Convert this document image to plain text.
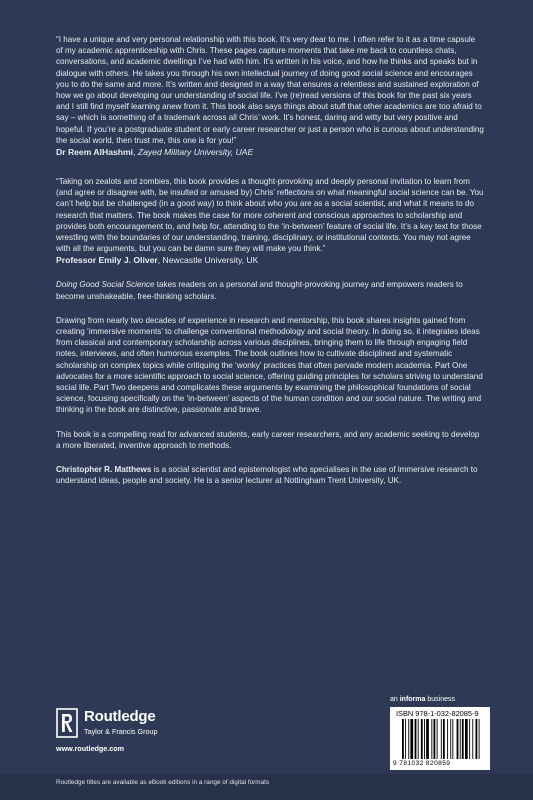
“I have a unique and very personal relationship with this book. It’s very dear to me. I often refer to it as a time capsule of my academic apprenticeship with Chris. These pages capture moments that take me back to countless chats, conversations, and academic dwellings I’ve had with him. It’s written in his voice, and how he thinks and speaks but in dialogue with others. He takes you through his own intellectual journey of doing good social science and encourages you to do the same and more. It’s written and designed in a way that ensures a relentless and sustained exploration of how we go about developing our understanding of social life. I’ve (re)read versions of this book for the past six years and I still find myself learning anew from it. This book also says things about stuff that other academics are too afraid to say – which is something of a trademark across all Chris’ work. It’s honest, daring and witty but very positive and hopeful. If you’re a postgraduate student or early career researcher or just a person who is curious about understanding the social world, then trust me, this one is for you!”

Dr Reem AlHashmi, Zayed Military University, UAE

“Taking on zealots and zombies, this book provides a thought-provoking and deeply personal invitation to learn from (and agree or disagree with, be insulted or amused by) Chris’ reflections on what meaningful social science can be. You can’t help but be challenged (in a good way) to think about who you are as a social scientist, and what it means to do research that matters. The book makes the case for more coherent and conscious approaches to scholarship and provides both encouragement to, and help for, attending to the ‘in-between’ feature of social life. It’s a key text for those wrestling with the boundaries of our understanding, training, disciplinary, or institutional contexts. You may not agree with all the arguments, but you can be damn sure they will make you think.”

Professor Emily J. Oliver, Newcastle University, UK

Doing Good Social Science takes readers on a personal and thought-provoking journey and empowers readers to become unshakeable, free-thinking scholars.

Drawing from nearly two decades of experience in research and mentorship, this book shares insights gained from creating ‘immersive moments’ to challenge conventional methodology and social theory. In doing so, it integrates ideas from classical and contemporary scholarship across various disciplines, bringing them to life through engaging field notes, interviews, and often humorous examples. The book outlines how to cultivate disciplined and systematic scholarship on complex topics while critiquing the ‘wonky’ practices that often pervade modern academia. Part One advocates for a more scientific approach to social science, offering guiding principles for scholars striving to understand social life. Part Two deepens and complicates these arguments by examining the philosophical foundations of social science, focusing specifically on the ‘in-between’ aspects of the human condition and our social nature. The writing and thinking in the book are distinctive, passionate and brave.

This book is a compelling read for advanced students, early career researchers, and any academic seeking to develop a more liberated, inventive approach to methods.

Christopher R. Matthews is a social scientist and epistemologist who specialises in the use of immersive research to understand ideas, people and society. He is a senior lecturer at Nottingham Trent University, UK.

Routledge
Taylor & Francis Group
www.routledge.com
an informa business
ISBN 978-1-032-82085-9
9 781032 820859
Routledge titles are available as eBook editions in a range of digital formats
